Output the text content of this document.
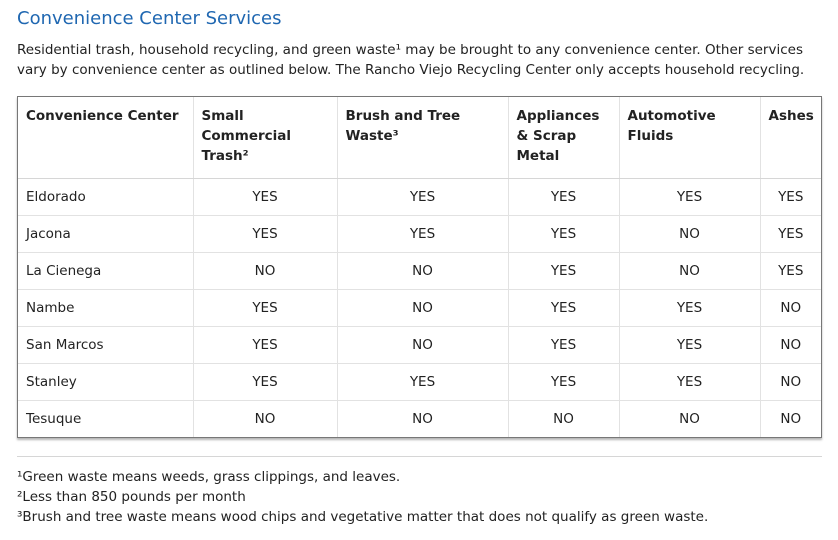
Convenience Center Services

Residential trash, household recycling, and green waste¹ may be brought to any convenience center. Other services vary by convenience center as outlined below. The Rancho Viejo Recycling Center only accepts household recycling.

Convenience Center	Small Commercial Trash²	Brush and Tree Waste³	Appliances & Scrap Metal	Automotive Fluids	Ashes
Eldorado	YES	YES	YES	YES	YES
Jacona	YES	YES	YES	NO	YES
La Cienega	NO	NO	YES	NO	YES
Nambe	YES	NO	YES	YES	NO
San Marcos	YES	NO	YES	YES	NO
Stanley	YES	YES	YES	YES	NO
Tesuque	NO	NO	NO	NO	NO
¹Green waste means weeds, grass clippings, and leaves.
²Less than 850 pounds per month
³Brush and tree waste means wood chips and vegetative matter that does not qualify as green waste.
